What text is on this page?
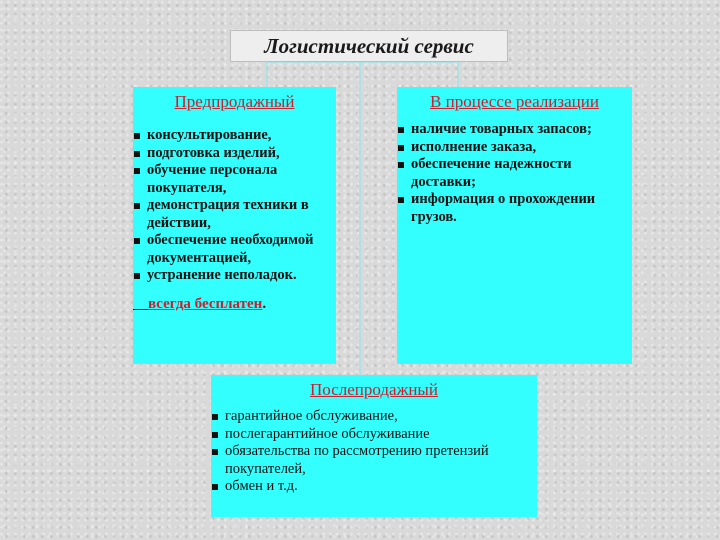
Логистический сервис
Предпродажный
консультирование,
подготовка изделий,
обучение персонала покупателя,
демонстрация техники в действии,
обеспечение необходимой документацией,
устранение неполадок.
всегда бесплатен.
В процессе реализации
наличие товарных запасов;
исполнение заказа,
обеспечение надежности доставки;
информация о прохождении грузов.
Послепродажный
гарантийное обслуживание,
послегарантийное обслуживание
обязательства по рассмотрению претензий покупателей,
обмен и т.д.
